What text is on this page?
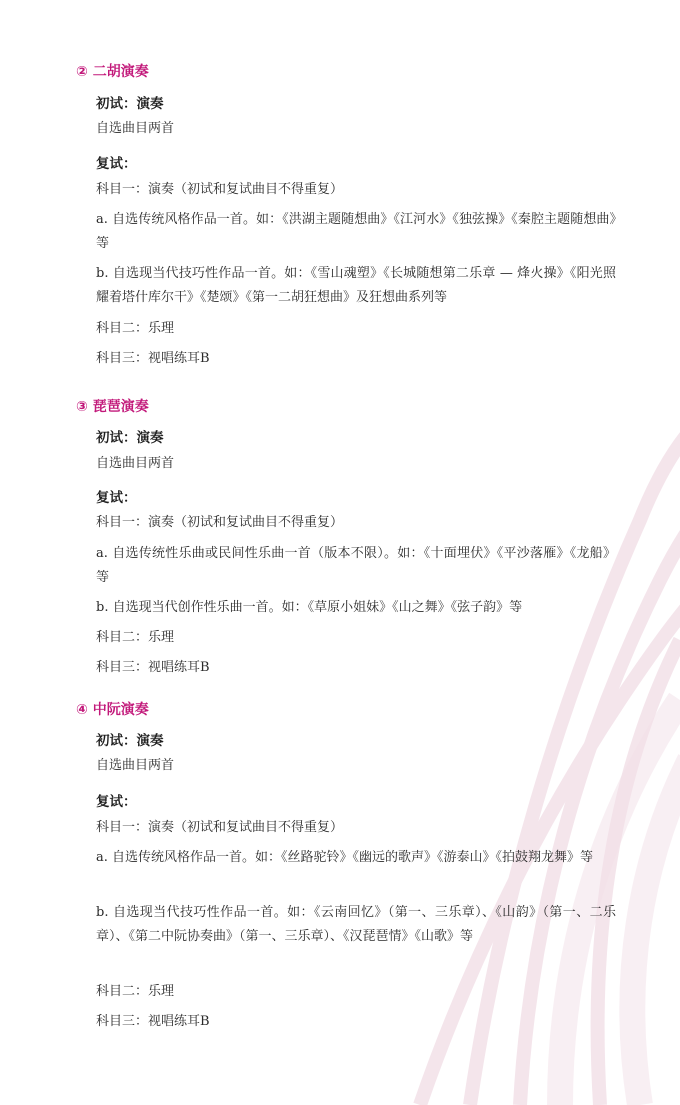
② 二胡演奏
初试：演奏
自选曲目两首
复试：
科目一：演奏（初试和复试曲目不得重复）
a. 自选传统风格作品一首。如：《洪湖主题随想曲》《江河水》《独弦操》《秦腔主题随想曲》等
b. 自选现当代技巧性作品一首。如：《雪山魂塑》《长城随想第二乐章 — 烽火操》《阳光照耀着塔什库尔干》《楚颂》《第一二胡狂想曲》及狂想曲系列等
科目二：乐理
科目三：视唱练耳B
③ 琵琶演奏
初试：演奏
自选曲目两首
复试：
科目一：演奏（初试和复试曲目不得重复）
a. 自选传统性乐曲或民间性乐曲一首（版本不限）。如：《十面埋伏》《平沙落雁》《龙船》等
b. 自选现当代创作性乐曲一首。如：《草原小姐妹》《山之舞》《弦子韵》等
科目二：乐理
科目三：视唱练耳B
④ 中阮演奏
初试：演奏
自选曲目两首
复试：
科目一：演奏（初试和复试曲目不得重复）
a. 自选传统风格作品一首。如：《丝路驼铃》《幽远的歌声》《游泰山》《拍鼓翔龙舞》等
b. 自选现当代技巧性作品一首。如：《云南回忆》（第一、三乐章）、《山韵》（第一、二乐章）、《第二中阮协奏曲》（第一、三乐章）、《汉琵琶情》《山歌》等
科目二：乐理
科目三：视唱练耳B
